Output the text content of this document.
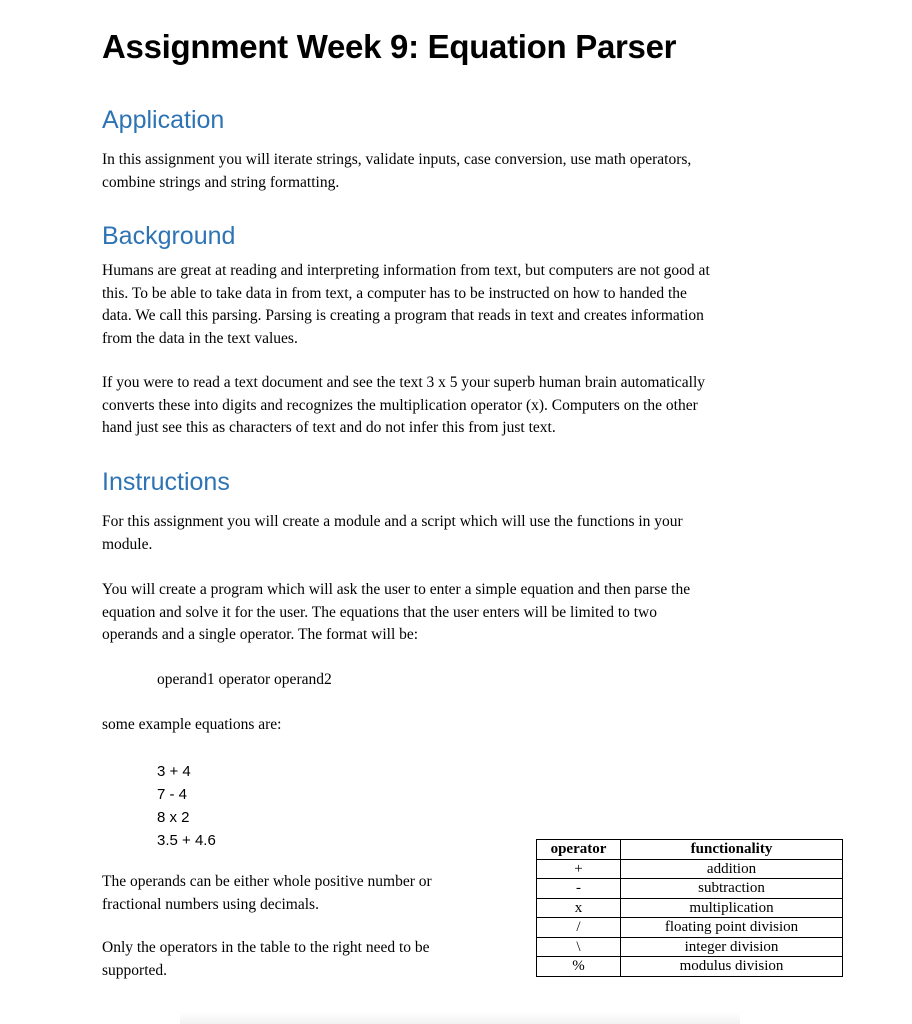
Assignment Week 9: Equation Parser
Application
In this assignment you will iterate strings, validate inputs, case conversion, use math operators,
combine strings and string formatting.
Background
Humans are great at reading and interpreting information from text, but computers are not good at
this. To be able to take data in from text, a computer has to be instructed on how to handed the
data. We call this parsing. Parsing is creating a program that reads in text and creates information
from the data in the text values.
If you were to read a text document and see the text 3 x 5 your superb human brain automatically
converts these into digits and recognizes the multiplication operator (x). Computers on the other
hand just see this as characters of text and do not infer this from just text.
Instructions
For this assignment you will create a module and a script which will use the functions in your
module.
You will create a program which will ask the user to enter a simple equation and then parse the
equation and solve it for the user. The equations that the user enters will be limited to two
operands and a single operator. The format will be:
operand1 operator operand2
some example equations are:
3 + 4
7 - 4
8 x 2
3.5 + 4.6
The operands can be either whole positive number or
fractional numbers using decimals.
Only the operators in the table to the right need to be
supported.
operator	functionality
+	addition
-	subtraction
x	multiplication
/	floating point division
\	integer division
%	modulus division
